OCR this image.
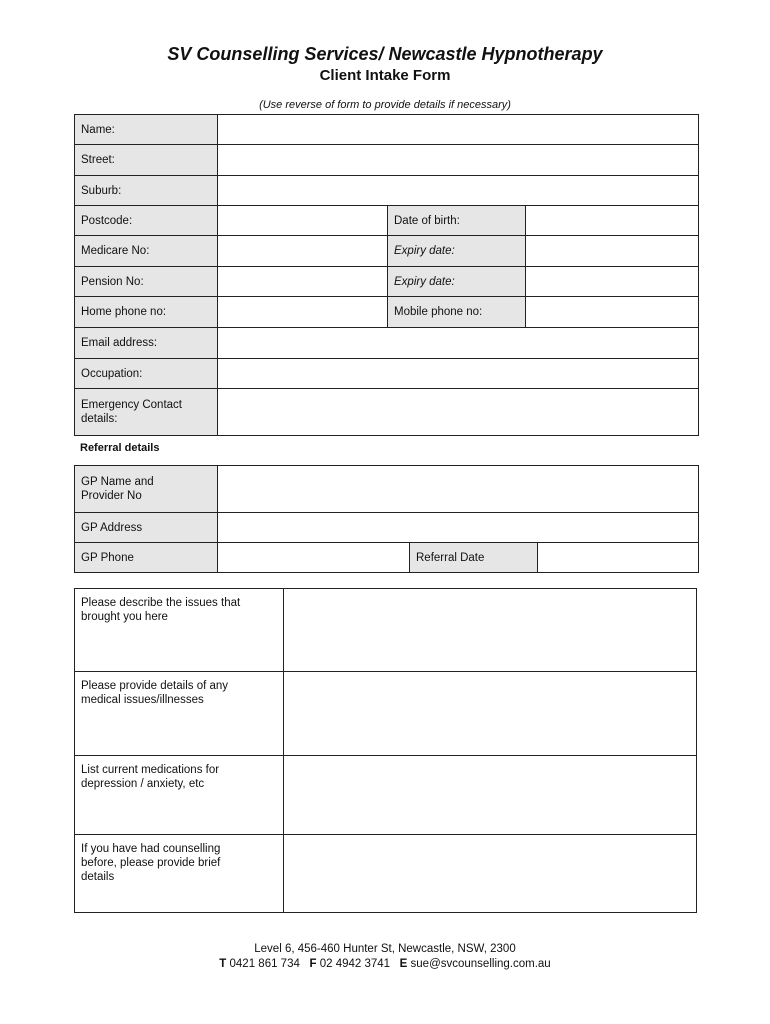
SV Counselling Services/ Newcastle Hypnotherapy
Client Intake Form
(Use reverse of form to provide details if necessary)
Name:			
Street:			
Suburb:			
Postcode:		Date of birth:	
Medicare No:		Expiry date:	
Pension No:		Expiry date:	
Home phone no:		Mobile phone no:	
Email address:			
Occupation:			

Emergency Contact
details:			

Referral details
GP Name and
Provider No			

GP Address			
GP Phone		Referral Date	
Please describe the issues that
brought you here	

Please provide details of any
medical issues/illnesses	

List current medications for
depression / anxiety, etc	

If you have had counselling
before, please provide brief
details	

Level 6, 456-460 Hunter St, Newcastle, NSW, 2300
T 0421 861 734 F 02 4942 3741 E sue@svcounselling.com.au
